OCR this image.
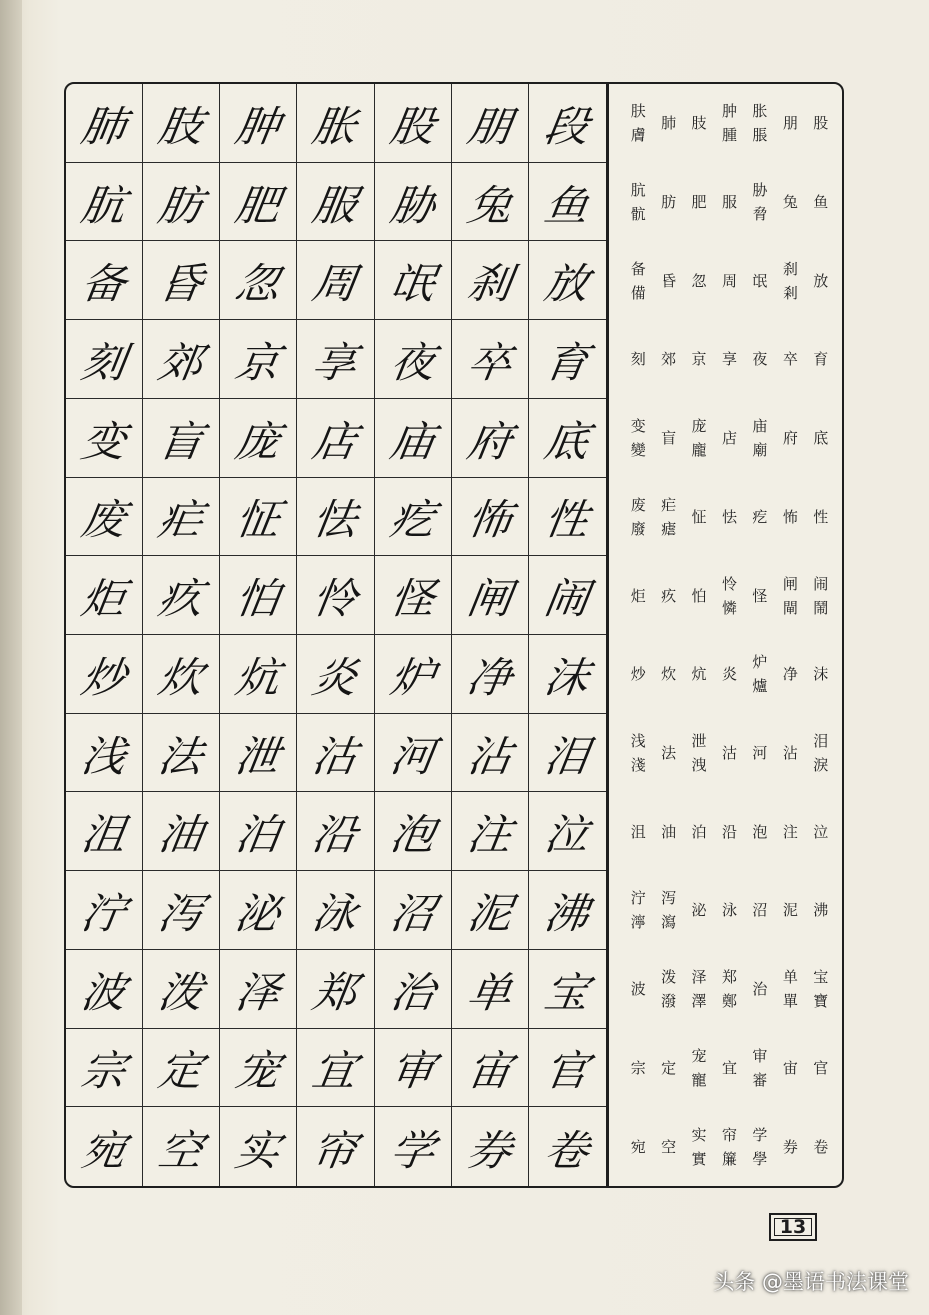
肺 肢 肿 胀 股 朋 段
肮 肪 肥 服 胁 兔 鱼
备 昏 忽 周 氓 刹 放
刻 郊 京 享 夜 卒 育
变 盲 庞 店 庙 府 底
废 疟 怔 怯 疙 怖 性
炬 疚 怕 怜 怪 闸 闹
炒 炊 炕 炎 炉 净 沫
浅 法 泄 沽 河 沾 泪
沮 油 泊 沿 泡 注 泣
泞 泻 泌 泳 沼 泥 沸
波 泼 泽 郑 治 单 宝
宗 定 宠 宜 审 宙 官
宛 空 实 帘 学 券 卷
肤
膚
肺 肢
肿
腫
胀
脹
朋 股
肮
骯
肪 肥 服
胁
脅
兔 鱼
备
備
昏 忽 周 氓
刹
剎
放
刻 郊 京 享 夜 卒 育
变
變
盲
庞
龐
店
庙
廟
府 底
废
廢
疟
瘧
怔 怯 疙 怖 性
炬 疚 怕
怜
憐
怪
闸
閘
闹
鬧
炒 炊 炕 炎
炉
爐
净 沫
浅
淺
法
泄
洩
沽 河 沾
泪
淚
沮 油 泊 沿 泡 注 泣
泞
濘
泻
瀉
泌 泳 沼 泥 沸
波
泼
潑
泽
澤
郑
鄭
治
单
單
宝
寶
宗 定
宠
寵
宜
审
審
宙 官
宛 空
实
實
帘
簾
学
學
券 卷
13
头条 @墨语书法课堂
